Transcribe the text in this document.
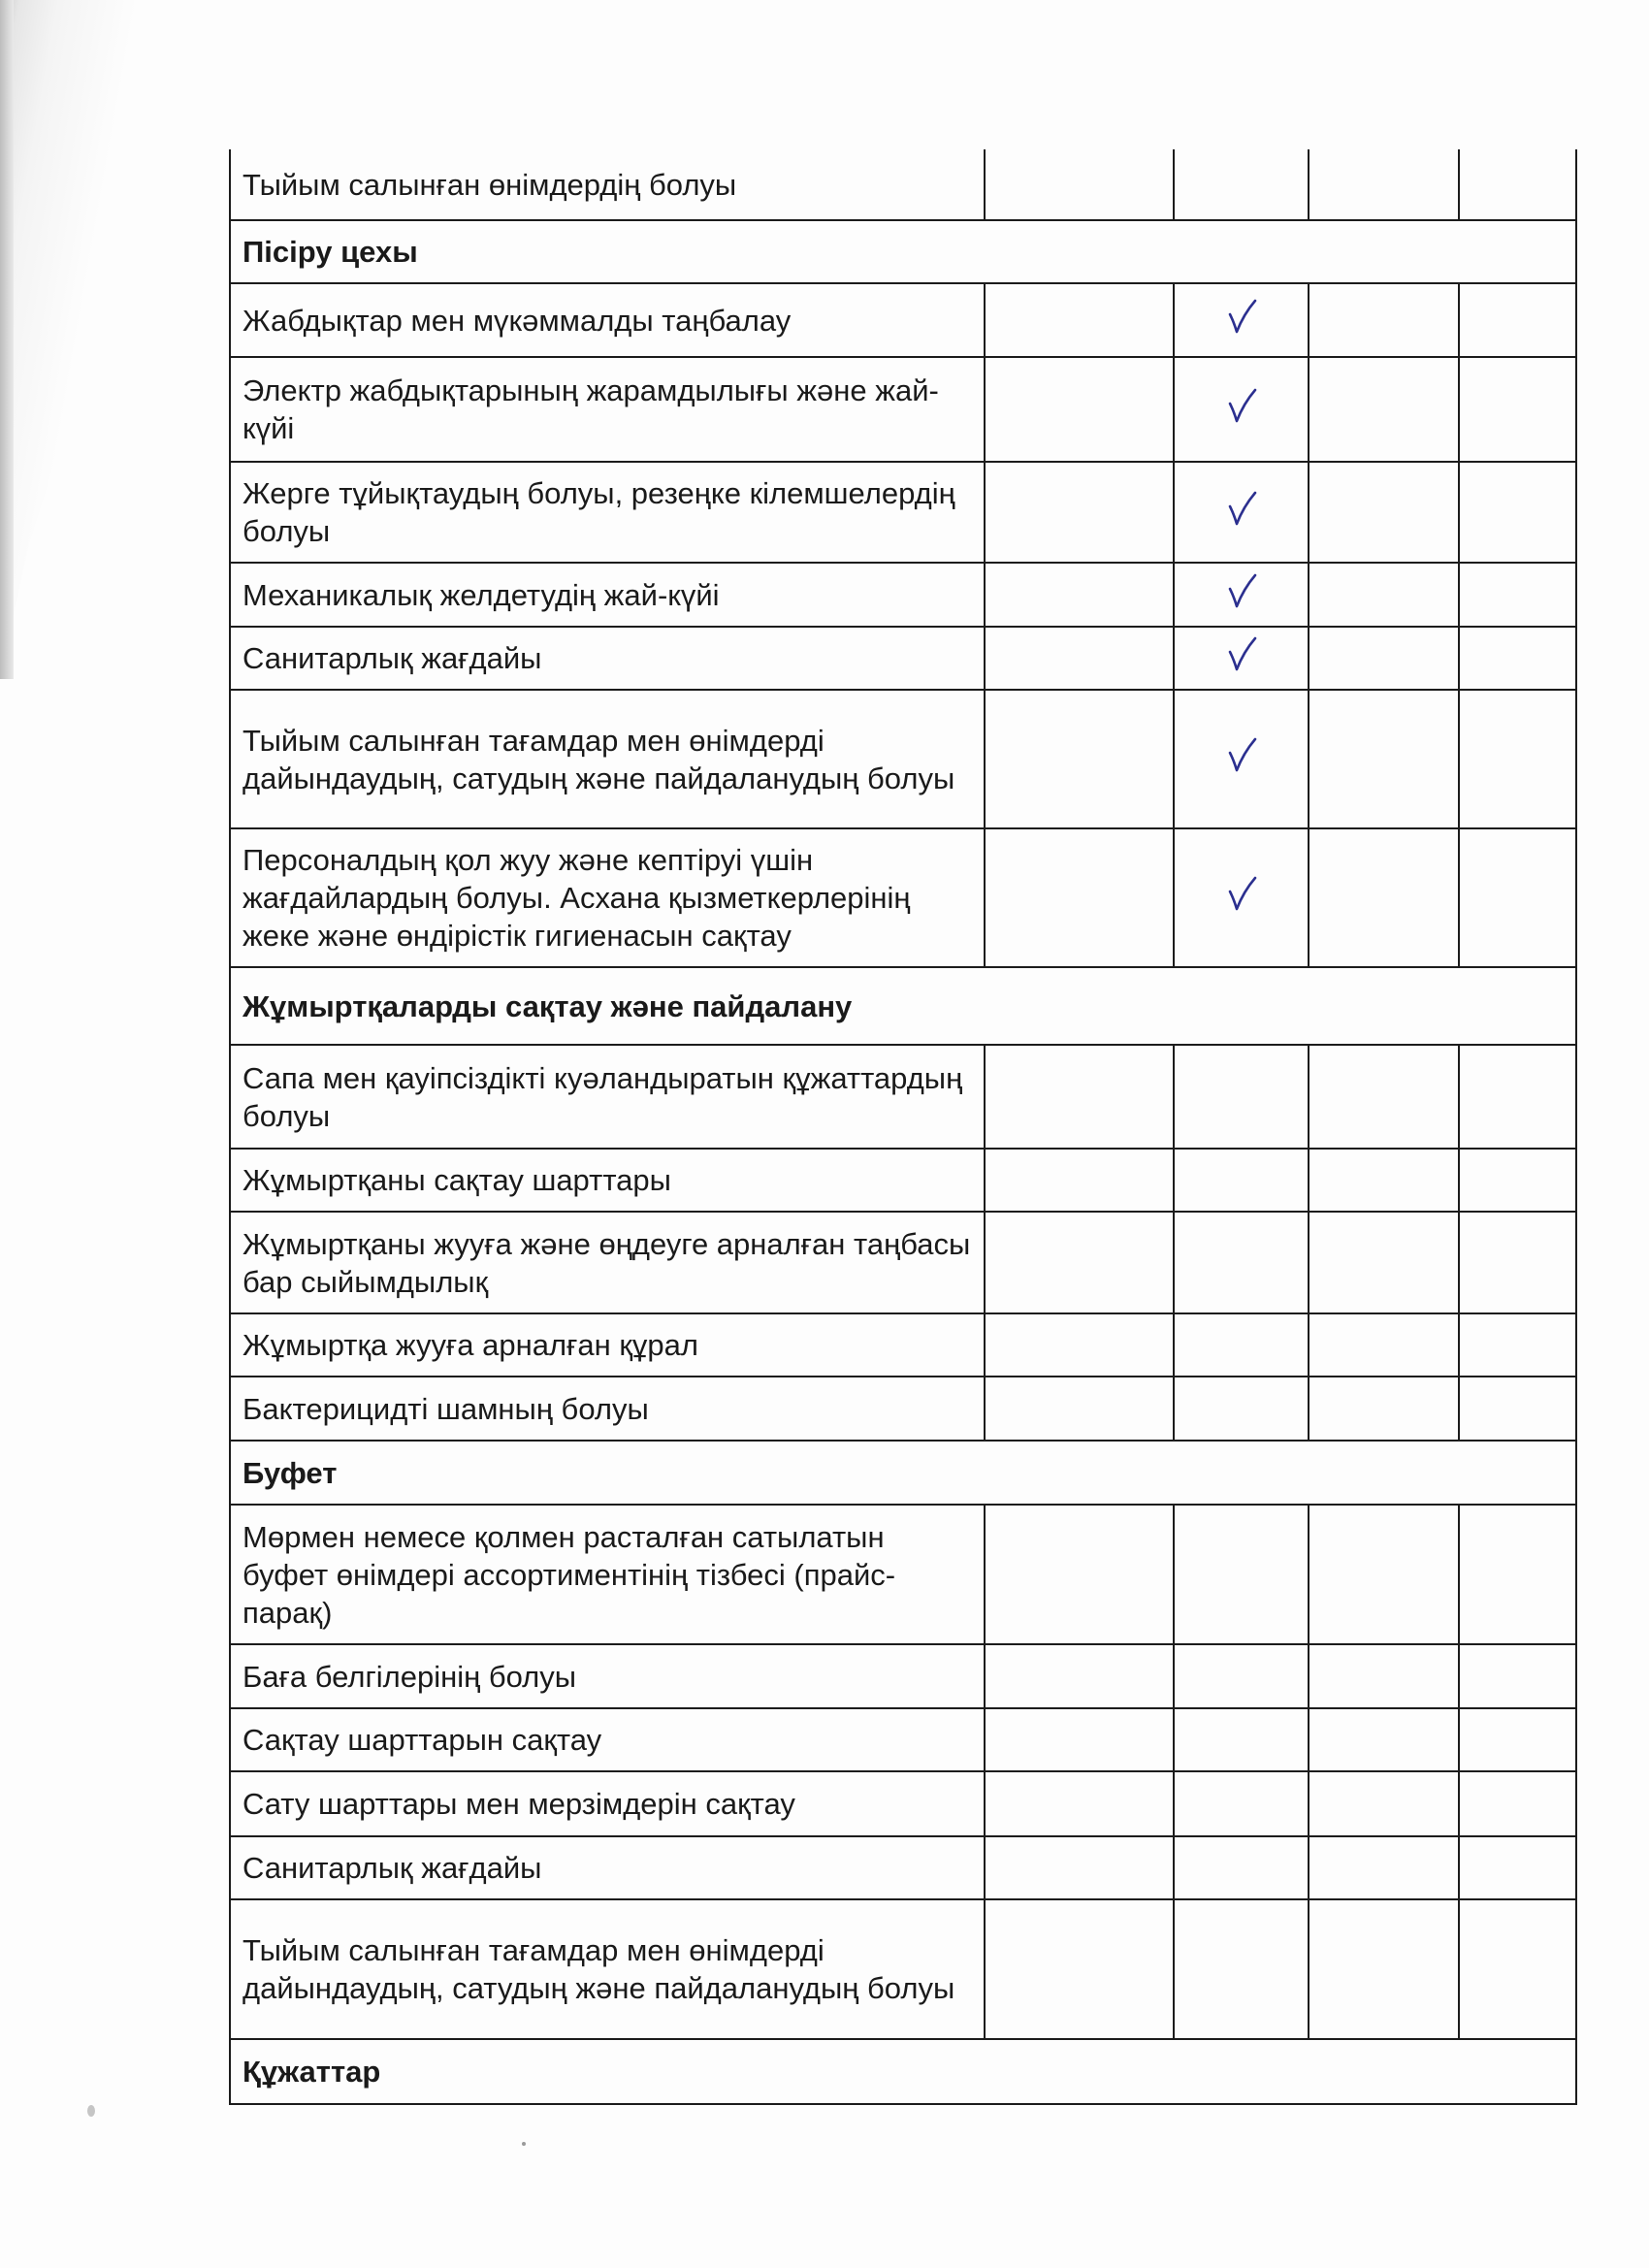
Тыйым салынған өнімдердің болуы				
Пісіру цехы				
Жабдықтар мен мүкәммалды таңбалау				
Электр жабдықтарының жарамдылығы және жай-күйі				
Жерге тұйықтаудың болуы, резеңке кілемшелердің болуы				
Механикалық желдетудің жай-күйі				
Санитарлық жағдайы				
Тыйым салынған тағамдар мен өнімдерді дайындаудың, сатудың және пайдаланудың болуы				
Персоналдың қол жуу және кептіруі үшін жағдайлардың болуы. Асхана қызметкерлерінің жеке және өндірістік гигиенасын сақтау				
Жұмыртқаларды сақтау және пайдалану				
Сапа мен қауіпсіздікті куәландыратын құжаттардың болуы				
Жұмыртқаны сақтау шарттары				
Жұмыртқаны жууға және өңдеуге арналған таңбасы бар сыйымдылық				
Жұмыртқа жууға арналған құрал				
Бактерицидті шамның болуы				
Буфет				
Мөрмен немесе қолмен расталған сатылатын буфет өнімдері ассортиментінің тізбесі (прайс-парақ)				
Баға белгілерінің болуы				
Сақтау шарттарын сақтау				
Сату шарттары мен мерзімдерін сақтау				
Санитарлық жағдайы				
Тыйым салынған тағамдар мен өнімдерді дайындаудың, сатудың және пайдаланудың болуы				
Құжаттар				
